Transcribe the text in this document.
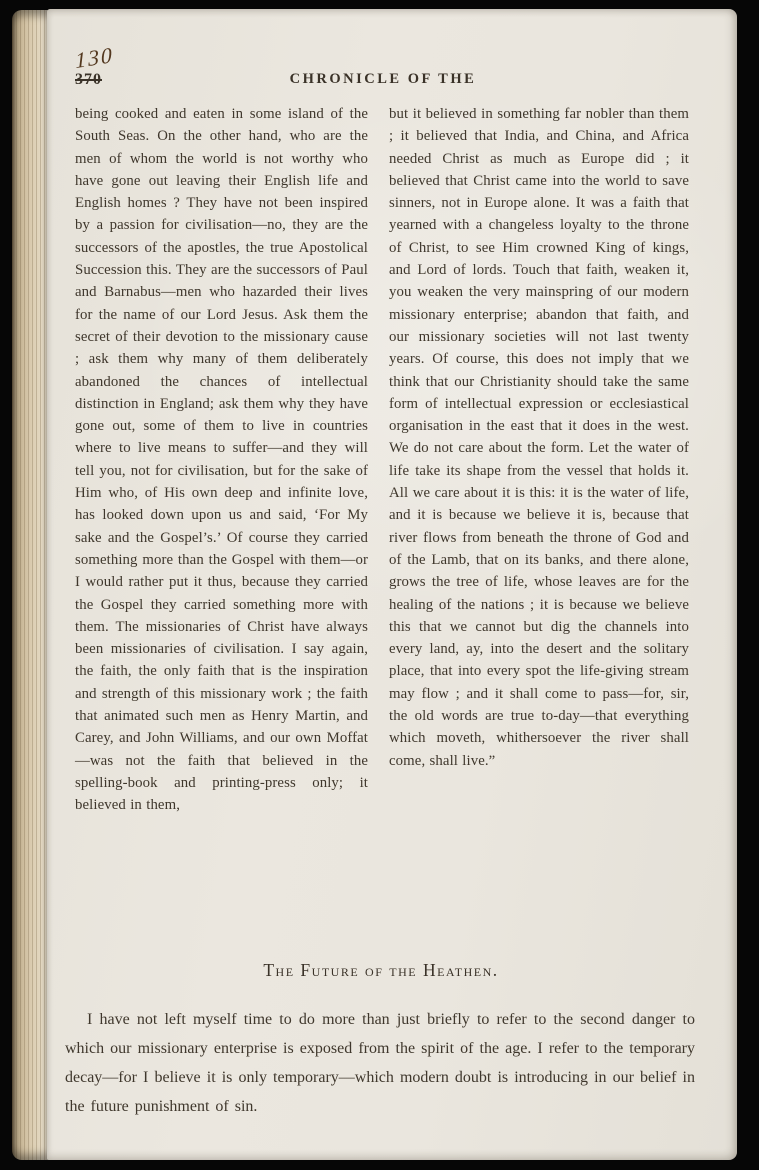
130
370	CHRONICLE OF THE
being cooked and eaten in some island of the South Seas. On the other hand, who are the men of whom the world is not worthy who have gone out leaving their English life and English homes ? They have not been inspired by a passion for civilisation—no, they are the successors of the apostles, the true Apostolical Succession this. They are the successors of Paul and Barnabus—men who hazarded their lives for the name of our Lord Jesus. Ask them the secret of their devotion to the missionary cause ; ask them why many of them deliberately abandoned the chances of intellectual distinction in England; ask them why they have gone out, some of them to live in countries where to live means to suffer—and they will tell you, not for civilisation, but for the sake of Him who, of His own deep and infinite love, has looked down upon us and said, ‘For My sake and the Gospel’s.’ Of course they carried something more than the Gospel with them—or I would rather put it thus, because they carried the Gospel they carried something more with them. The missionaries of Christ have always been missionaries of civilisation. I say again, the faith, the only faith that is the inspiration and strength of this missionary work ; the faith that animated such men as Henry Martin, and Carey, and John Williams, and our own Moffat—was not the faith that believed in the spelling-book and printing-press only; it believed in them,
but it believed in something far nobler than them ; it believed that India, and China, and Africa needed Christ as much as Europe did ; it believed that Christ came into the world to save sinners, not in Europe alone. It was a faith that yearned with a changeless loyalty to the throne of Christ, to see Him crowned King of kings, and Lord of lords. Touch that faith, weaken it, you weaken the very mainspring of our modern missionary enterprise; abandon that faith, and our missionary societies will not last twenty years. Of course, this does not imply that we think that our Christianity should take the same form of intellectual expression or ecclesiastical organisation in the east that it does in the west. We do not care about the form. Let the water of life take its shape from the vessel that holds it. All we care about it is this: it is the water of life, and it is because we believe it is, because that river flows from beneath the throne of God and of the Lamb, that on its banks, and there alone, grows the tree of life, whose leaves are for the healing of the nations ; it is because we believe this that we cannot but dig the channels into every land, ay, into the desert and the solitary place, that into every spot the life-giving stream may flow ; and it shall come to pass—for, sir, the old words are true to-day—that everything which moveth, whithersoever the river shall come, shall live.”
The Future of the Heathen.

I have not left myself time to do more than just briefly to refer to the second danger to which our missionary enterprise is exposed from the spirit of the age. I refer to the temporary decay—for I believe it is only temporary—which modern doubt is introducing in our belief in the future punishment of sin.
